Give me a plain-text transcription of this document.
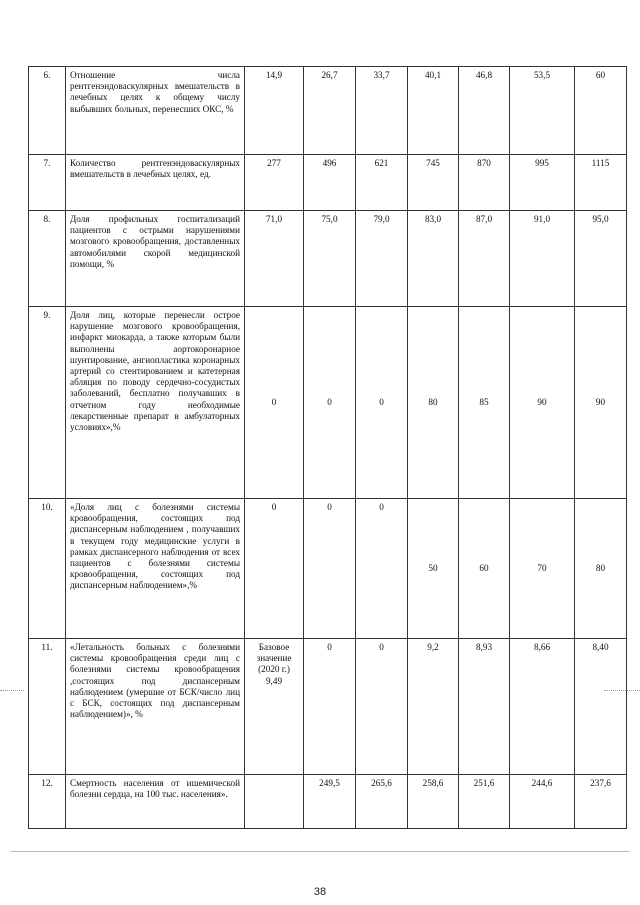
6.	Отношение числа рентгенэндоваскулярных вмешательств в лечебных целях к общему числу выбывших больных, перенесших ОКС, %	14,9	26,7	33,7	40,1	46,8	53,5	60
7.	Количество рентгенэндоваскулярных вмешательств в лечебных целях, ед.	277	496	621	745	870	995	1115
8.	Доля профильных госпитализаций пациентов с острыми нарушениями мозгового кровообращения, доставленных автомобилями скорой медицинской помощи, %	71,0	75,0	79,0	83,0	87,0	91,0	95,0
9.	Доля лиц, которые перенесли острое нарушение мозгового кровообращения, инфаркт миокарда, а также которым были выполнены аортокоронарное шунтирование, ангиопластика коронарных артерий со стентированием и катетерная абляция по поводу сердечно-сосудистых заболеваний, бесплатно получавших в отчетном году необходимые лекарственные препарат в амбулаторных условиях»,%	0	0	0	80	85	90	90
10.	«Доля лиц с болезнями системы кровообращения, состоящих под диспансерным наблюдением , получавших в текущем году медицинские услуги в рамках диспансерного наблюдения от всех пациентов с болезнями системы кровообращения, состоящих под диспансерным наблюдением»,%	0	0	0	50	60	70	80
11.	«Летальность больных с болезнями системы кровообращения среди лиц с болезнями системы кровообращения ,состоящих под диспансерным наблюдением (умершие от БСК/число лиц с БСК, состоящих под диспансерным наблюдением)», %	Базовое значение (2020 г.) 9,49	0	0	9,2	8,93	8,66	8,40
12.	Смертность населения от ишемической болезни сердца, на 100 тыс. населения».		249,5	265,6	258,6	251,6	244,6	237,6
38
